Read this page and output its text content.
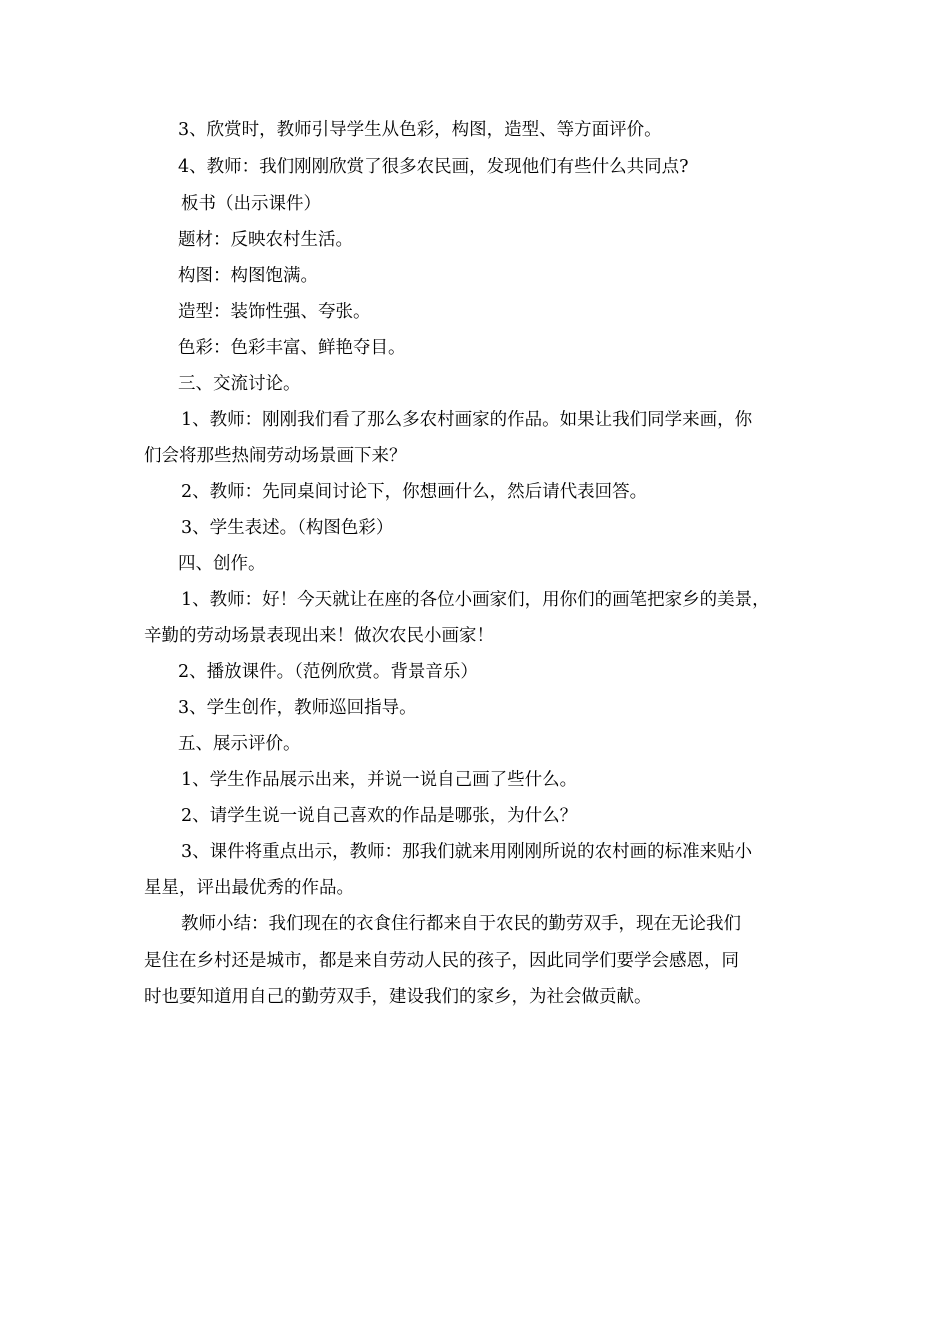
3、欣赏时，教师引导学生从色彩，构图，造型、等方面评价。
4、教师：我们刚刚欣赏了很多农民画，发现他们有些什么共同点?
板书（出示课件）
题材：反映农村生活。
构图：构图饱满。
造型：装饰性强、夸张。
色彩：色彩丰富、鲜艳夺目。
三、交流讨论。
1、教师：刚刚我们看了那么多农村画家的作品。如果让我们同学来画，你
们会将那些热闹劳动场景画下来？
2、教师：先同桌间讨论下，你想画什么，然后请代表回答。
3、学生表述。（构图色彩）
四、创作。
1、教师：好！今天就让在座的各位小画家们，用你们的画笔把家乡的美景，
辛勤的劳动场景表现出来！做次农民小画家！
2、播放课件。（范例欣赏。背景音乐）
3、学生创作，教师巡回指导。
五、展示评价。
1、学生作品展示出来，并说一说自己画了些什么。
2、请学生说一说自己喜欢的作品是哪张，为什么？
3、课件将重点出示，教师：那我们就来用刚刚所说的农村画的标准来贴小
星星，评出最优秀的作品。
教师小结：我们现在的衣食住行都来自于农民的勤劳双手，现在无论我们
是住在乡村还是城市，都是来自劳动人民的孩子，因此同学们要学会感恩，同
时也要知道用自己的勤劳双手，建设我们的家乡，为社会做贡献。
